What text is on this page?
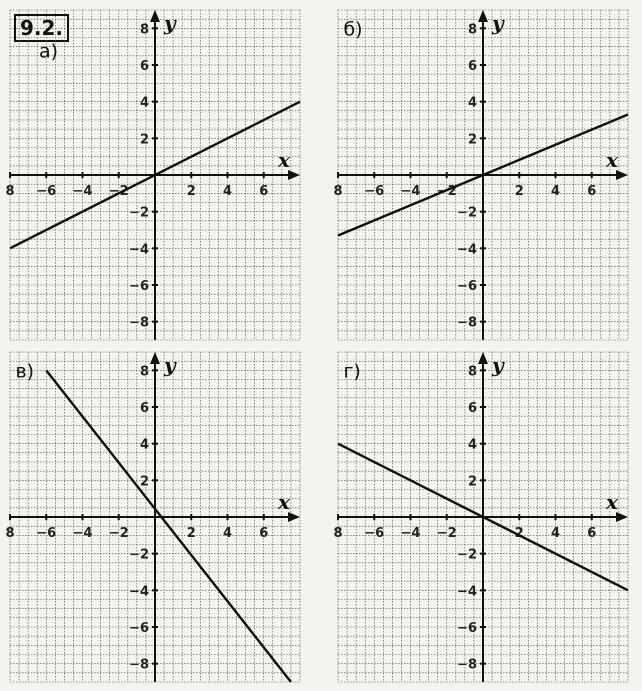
9.2.
8 −6 −4 −2	2 4 6
8
6
4
2
−2
−4
−6
−8
x
y
а)
8 −6 −4 −2	2 4 6
8
6
4
2
−2
−4
−6
−8
x
y
б)
8 −6 −4 −2	2 4 6
8
6
4
2
−2
−4
−6
−8
x
y
в)
8 −6 −4 −2	2 4 6
8
6
4
2
−2
−4
−6
−8
x
y
г)
